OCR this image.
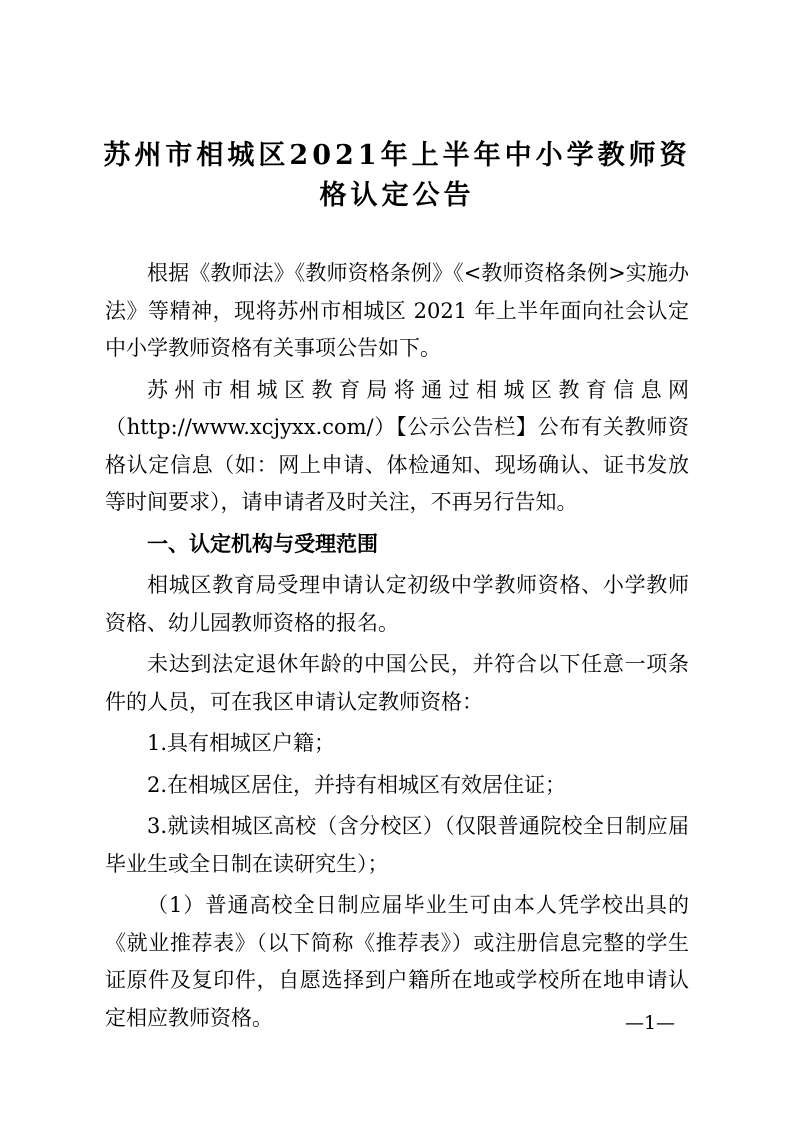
苏州市相城区2021年上半年中小学教师资格认定公告

根据《教师法》《教师资格条例》《<教师资格条例>实施办法》等精神，现将苏州市相城区 2021 年上半年面向社会认定中小学教师资格有关事项公告如下。

苏州市相城区教育局将通过相城区教育信息网（http://www.xcjyxx.com/）【公示公告栏】公布有关教师资格认定信息（如：网上申请、体检通知、现场确认、证书发放等时间要求），请申请者及时关注，不再另行告知。

一、认定机构与受理范围

相城区教育局受理申请认定初级中学教师资格、小学教师资格、幼儿园教师资格的报名。

未达到法定退休年龄的中国公民，并符合以下任意一项条件的人员，可在我区申请认定教师资格：

1.具有相城区户籍；

2.在相城区居住，并持有相城区有效居住证；

3.就读相城区高校（含分校区）（仅限普通院校全日制应届毕业生或全日制在读研究生）；

（1）普通高校全日制应届毕业生可由本人凭学校出具的《就业推荐表》（以下简称《推荐表》）或注册信息完整的学生证原件及复印件，自愿选择到户籍所在地或学校所在地申请认定相应教师资格。	—1—
